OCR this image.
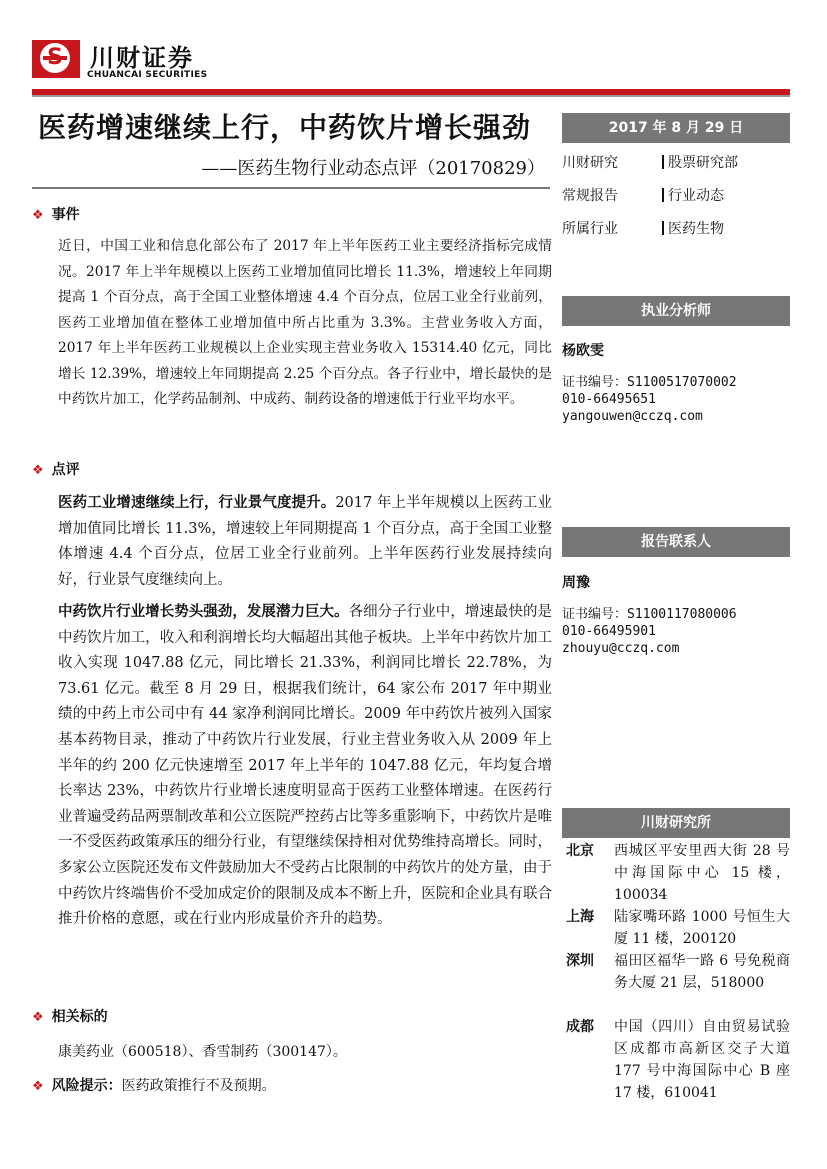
川财证券
CHUANCAI SECURITIES
医药增速继续上行，中药饮片增长强劲
——医药生物行业动态点评（20170829）
❖ 事件
近日，中国工业和信息化部公布了 2017 年上半年医药工业主要经济指标完成情况。2017 年上半年规模以上医药工业增加值同比增长 11.3%，增速较上年同期提高 1 个百分点，高于全国工业整体增速 4.4 个百分点，位居工业全行业前列，医药工业增加值在整体工业增加值中所占比重为 3.3%。主营业务收入方面，2017 年上半年医药工业规模以上企业实现主营业务收入 15314.40 亿元，同比增长 12.39%，增速较上年同期提高 2.25 个百分点。各子行业中，增长最快的是中药饮片加工，化学药品制剂、中成药、制药设备的增速低于行业平均水平。
❖ 点评
医药工业增速继续上行，行业景气度提升。2017 年上半年规模以上医药工业增加值同比增长 11.3%，增速较上年同期提高 1 个百分点，高于全国工业整体增速 4.4 个百分点，位居工业全行业前列。上半年医药行业发展持续向好，行业景气度继续向上。
中药饮片行业增长势头强劲，发展潜力巨大。各细分子行业中，增速最快的是中药饮片加工，收入和利润增长均大幅超出其他子板块。上半年中药饮片加工收入实现 1047.88 亿元，同比增长 21.33%，利润同比增长 22.78%，为 73.61 亿元。截至 8 月 29 日，根据我们统计，64 家公布 2017 年中期业绩的中药上市公司中有 44 家净利润同比增长。2009 年中药饮片被列入国家基本药物目录，推动了中药饮片行业发展，行业主营业务收入从 2009 年上半年的约 200 亿元快速增至 2017 年上半年的 1047.88 亿元，年均复合增长率达 23%，中药饮片行业增长速度明显高于医药工业整体增速。在医药行业普遍受药品两票制改革和公立医院严控药占比等多重影响下，中药饮片是唯一不受医药政策承压的细分行业，有望继续保持相对优势维持高增长。同时，多家公立医院还发布文件鼓励加大不受药占比限制的中药饮片的处方量，由于中药饮片终端售价不受加成定价的限制及成本不断上升，医院和企业具有联合推升价格的意愿，或在行业内形成量价齐升的趋势。
❖ 相关标的
康美药业（600518）、香雪制药（300147）。
❖ 风险提示：医药政策推行不及预期。
2017 年 8 月 29 日
川财研究	股票研究部
常规报告	行业动态
所属行业	医药生物
执业分析师
杨欧雯
证书编号：S1100517070002
010-66495651
yangouwen@cczq.com
报告联系人
周豫
证书编号：S1100117080006
010-66495901
zhouyu@cczq.com
川财研究所
北京 西城区平安里西大街 28 号中海国际中心 15 楼，100034
上海 陆家嘴环路 1000 号恒生大厦 11 楼，200120
深圳 福田区福华一路 6 号免税商务大厦 21 层，518000
成都 中国（四川）自由贸易试验区成都市高新区交子大道 177 号中海国际中心 B 座 17 楼，610041
